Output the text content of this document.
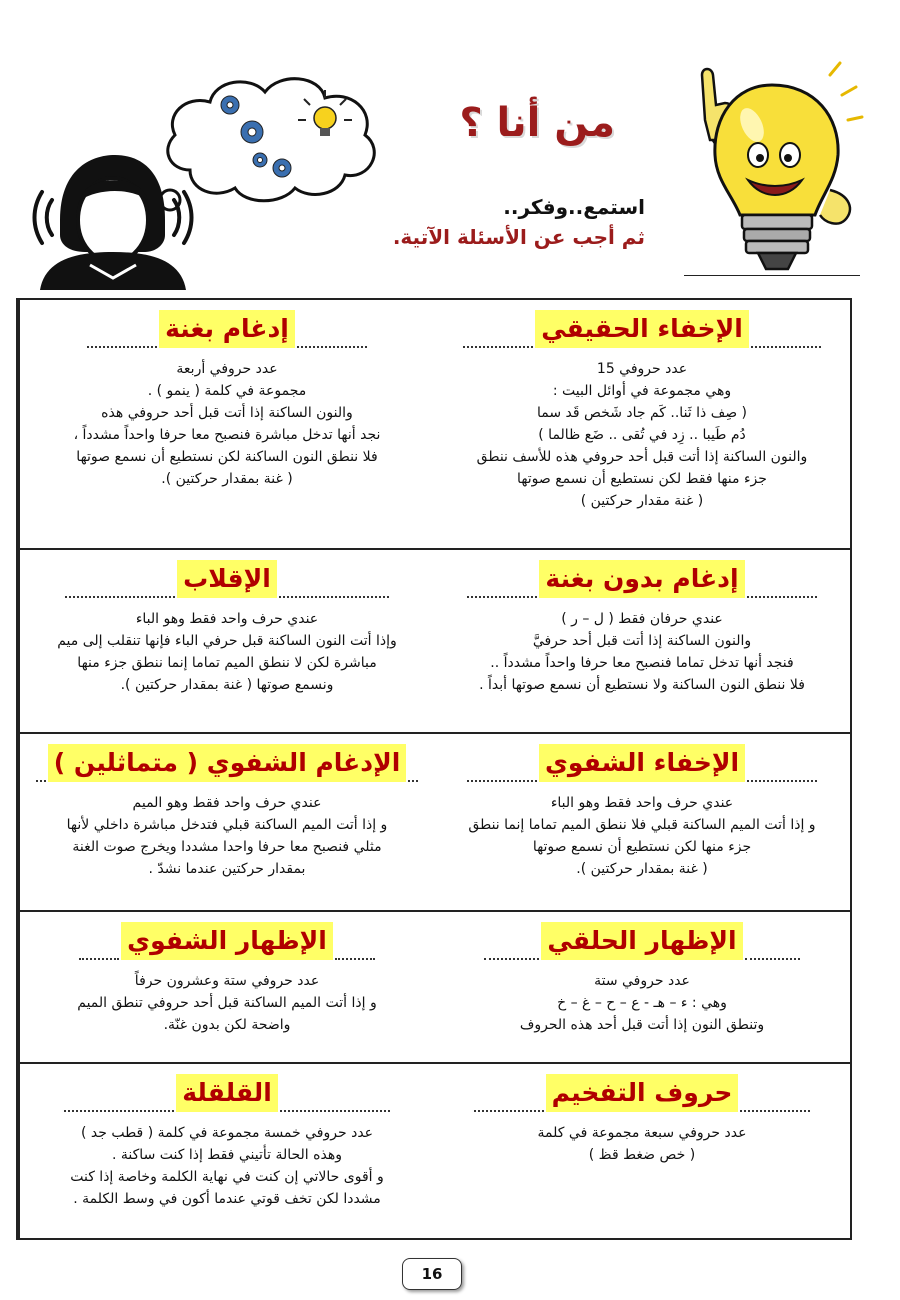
من أنا ؟
استمع..وفكر..
ثم أجب عن الأسئلة الآتية.
إدغام بغنة
عدد حروفي أربعة
مجموعة في كلمة ( ينمو ) .
والنون الساكنة إذا أتت قبل أحد حروفي هذه
نجد أنها تدخل مباشرة فنصبح معا حرفا واحداً مشدداً ،
فلا ننطق النون الساكنة لكن نستطيع أن نسمع صوتها
( غنة بمقدار حركتين ).
الإخفاء الحقيقي
عدد حروفي 15
وهي مجموعة في أوائل البيت :
( صِف ذا ثَنا.. كَم جاد شَخص قَد سما
دُم طَيبا .. زِد في تُقى .. ضَع ظالما )
والنون الساكنة إذا أتت قبل أحد حروفي هذه للأسف ننطق
جزء منها فقط لكن نستطيع أن نسمع صوتها
( غنة مقدار حركتين )
الإقلاب
عندي حرف واحد فقط وهو الباء
وإذا أتت النون الساكنة قبل حرفي الباء فإنها تنقلب إلى ميم
مباشرة لكن لا ننطق الميم تماما إنما ننطق جزء منها
ونسمع صوتها ( غنة بمقدار حركتين ).
إدغام بدون بغنة
عندي حرفان فقط ( ل – ر )
والنون الساكنة إذا أتت قبل أحد حرفيَّ
فنجد أنها تدخل تماما فنصبح معا حرفا واحداً مشدداً ..
فلا ننطق النون الساكنة ولا نستطيع أن نسمع صوتها أبداً .
الإدغام الشفوي ( متماثلين )
عندي حرف واحد فقط وهو الميم
و إذا أتت الميم الساكنة قبلي فتدخل مباشرة داخلي لأنها
مثلي فنصبح معا حرفا واحدا مشددا ويخرج صوت الغنة
بمقدار حركتين عندما نشدّ .
الإخفاء الشفوي
عندي حرف واحد فقط وهو الباء
و إذا أتت الميم الساكنة قبلي فلا ننطق الميم تماما إنما ننطق
جزء منها لكن نستطيع أن نسمع صوتها
( غنة بمقدار حركتين ).
الإظهار الشفوي
عدد حروفي ستة وعشرون حرفاً
و إذا أتت الميم الساكنة قبل أحد حروفي تنطق الميم
واضحة لكن بدون غنّة.
الإظهار الحلقي
عدد حروفي ستة
وهي : ء – هـ - ع – ح – غ – خ
وتنطق النون إذا أتت قبل أحد هذه الحروف
القلقلة
عدد حروفي خمسة مجموعة في كلمة ( قطب جد )
وهذه الحالة تأتيني فقط إذا كنت ساكنة .
و أقوى حالاتي إن كنت في نهاية الكلمة وخاصة إذا كنت
مشددا لكن تخف قوتي عندما أكون في وسط الكلمة .
حروف التفخيم
عدد حروفي سبعة مجموعة في كلمة
( خص ضغط قظ )
16
